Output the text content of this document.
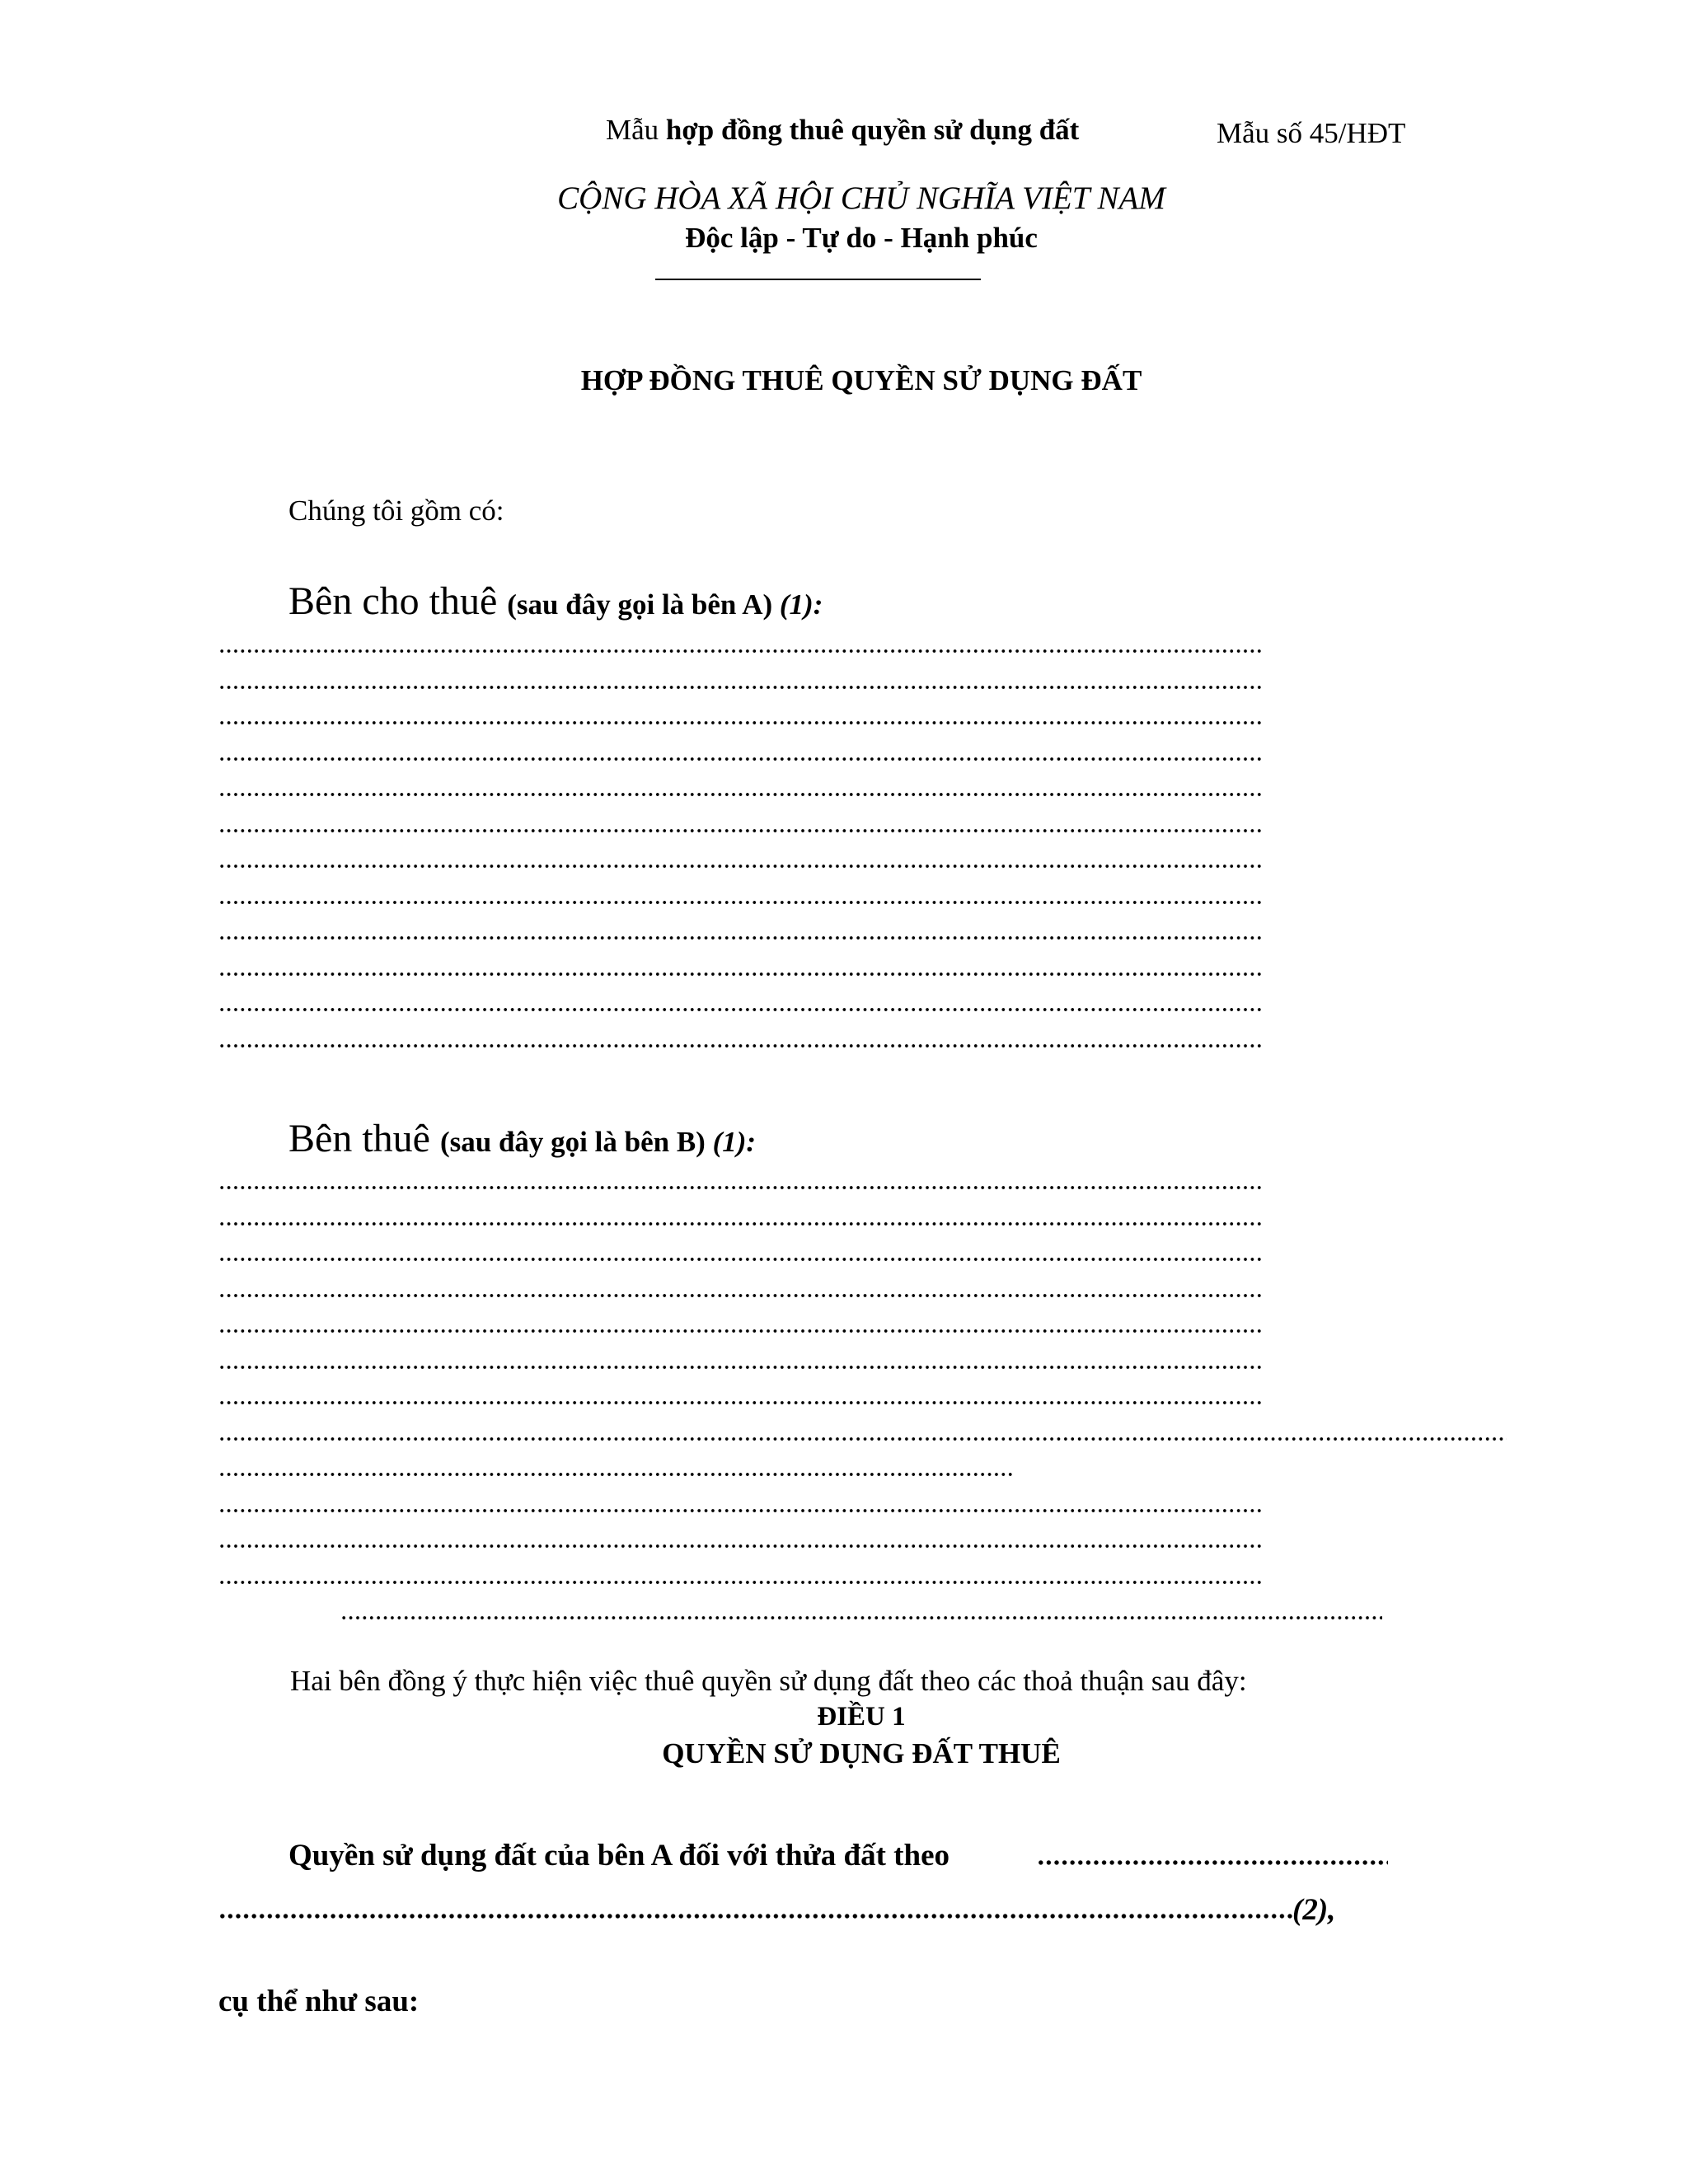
Mẫu hợp đồng thuê quyền sử dụng đất	Mẫu số 45/HĐT
CỘNG HÒA XÃ HỘI CHỦ NGHĨA VIỆT NAM
Độc lập - Tự do - Hạnh phúc
HỢP ĐỒNG THUÊ QUYỀN SỬ DỤNG ĐẤT
Chúng tôi gồm có:
Bên cho thuê (sau đây gọi là bên A) (1):
Bên thuê (sau đây gọi là bên B) (1):
Hai bên đồng ý thực hiện việc thuê quyền sử dụng đất theo các thoả thuận sau đây:
ĐIỀU 1
QUYỀN SỬ DỤNG ĐẤT THUÊ
Quyền sử dụng đất của bên A đối với thửa đất theo
(2),
cụ thể như sau:
